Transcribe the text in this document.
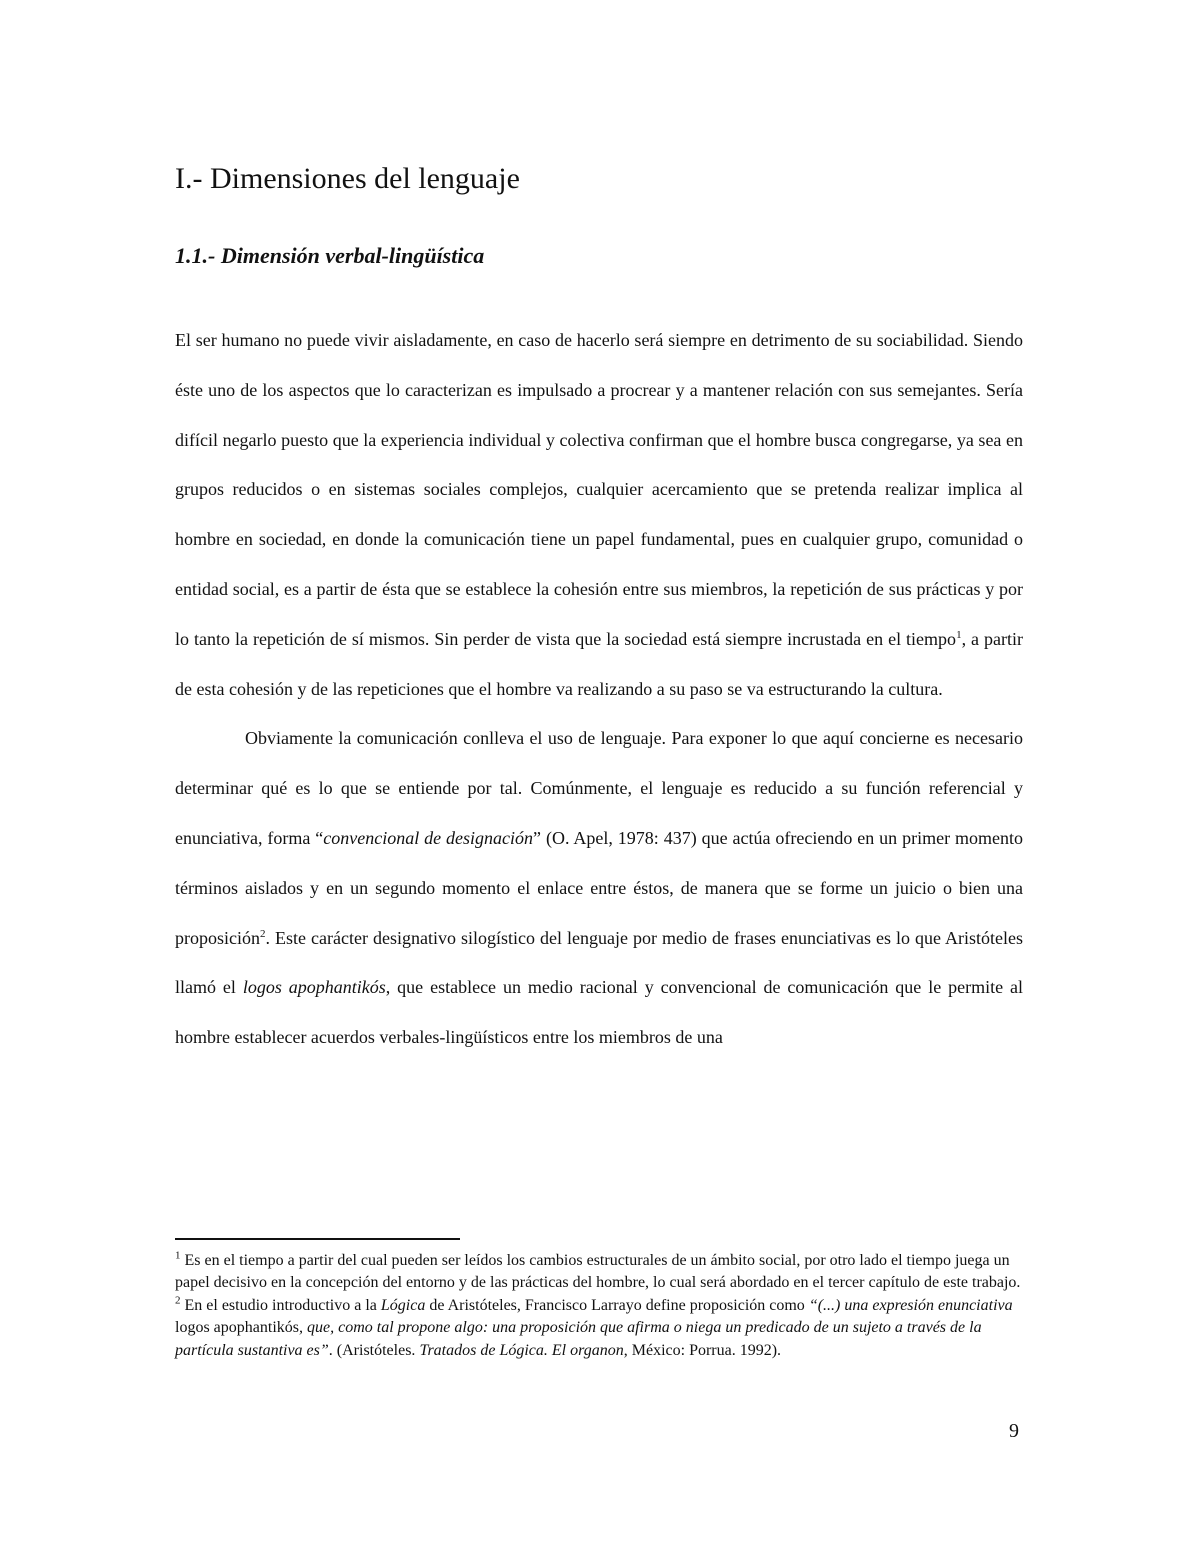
I.- Dimensiones del lenguaje
1.1.- Dimensión verbal-lingüística

El ser humano no puede vivir aisladamente, en caso de hacerlo será siempre en detrimento de su sociabilidad. Siendo éste uno de los aspectos que lo caracterizan es impulsado a procrear y a mantener relación con sus semejantes. Sería difícil negarlo puesto que la experiencia individual y colectiva confirman que el hombre busca congregarse, ya sea en grupos reducidos o en sistemas sociales complejos, cualquier acercamiento que se pretenda realizar implica al hombre en sociedad, en donde la comunicación tiene un papel fundamental, pues en cualquier grupo, comunidad o entidad social, es a partir de ésta que se establece la cohesión entre sus miembros, la repetición de sus prácticas y por lo tanto la repetición de sí mismos. Sin perder de vista que la sociedad está siempre incrustada en el tiempo$^1$, a partir de esta cohesión y de las repeticiones que el hombre va realizando a su paso se va estructurando la cultura.

Obviamente la comunicación conlleva el uso de lenguaje. Para exponer lo que aquí concierne es necesario determinar qué es lo que se entiende por tal. Comúnmente, el lenguaje es reducido a su función referencial y enunciativa, forma “convencional de designación” (O. Apel, 1978: 437) que actúa ofreciendo en un primer momento términos aislados y en un segundo momento el enlace entre éstos, de manera que se forme un juicio o bien una proposición$^2$. Este carácter designativo silogístico del lenguaje por medio de frases enunciativas es lo que Aristóteles llamó el logos apophantikós, que establece un medio racional y convencional de comunicación que le permite al hombre establecer acuerdos verbales-lingüísticos entre los miembros de una

$^1$ Es en el tiempo a partir del cual pueden ser leídos los cambios estructurales de un ámbito social, por otro lado el tiempo juega un papel decisivo en la concepción del entorno y de las prácticas del hombre, lo cual será abordado en el tercer capítulo de este trabajo.

$^2$ En el estudio introductivo a la Lógica de Aristóteles, Francisco Larrayo define proposición como “(...) una expresión enunciativa logos apophantikós, que, como tal propone algo: una proposición que afirma o niega un predicado de un sujeto a través de la partícula sustantiva es”. (Aristóteles. Tratados de Lógica. El organon, México: Porrua. 1992).

9
